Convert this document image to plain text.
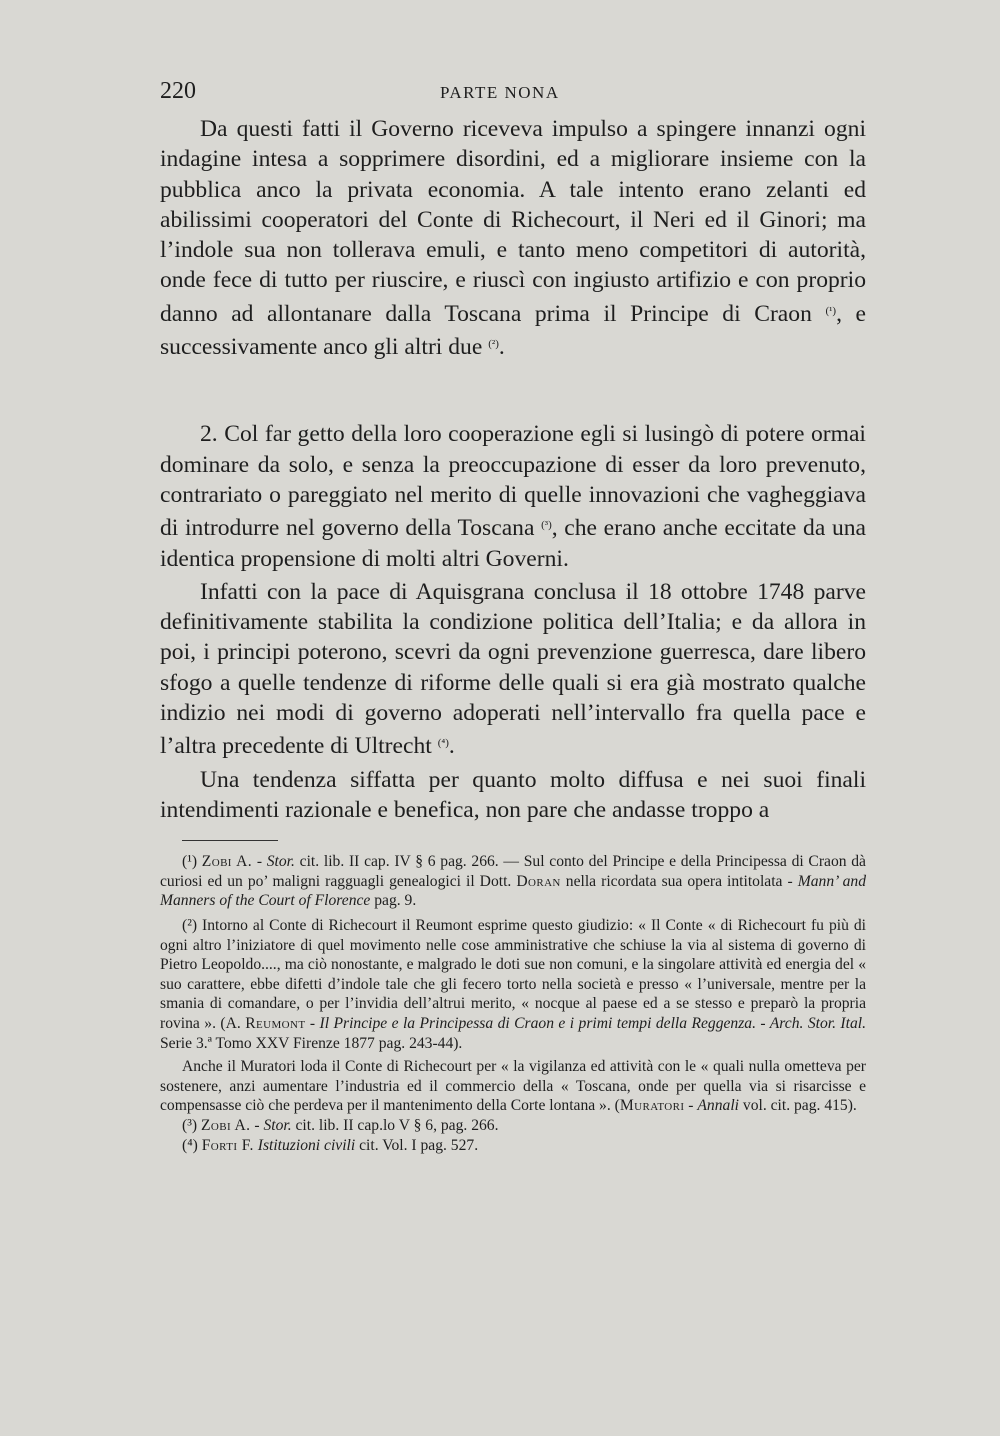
220	PARTE NONA

Da questi fatti il Governo riceveva impulso a spingere innanzi ogni indagine intesa a sopprimere disordini, ed a migliorare insieme con la pubblica anco la privata economia. A tale intento erano zelanti ed abilissimi cooperatori del Conte di Richecourt, il Neri ed il Ginori; ma l’indole sua non tollerava emuli, e tanto meno competitori di autorità, onde fece di tutto per riuscire, e riuscì con ingiusto artifizio e con proprio danno ad allontanare dalla Toscana prima il Principe di Craon $^{(^1)}$, e successivamente anco gli altri due $^{(^2)}$.

2. Col far getto della loro cooperazione egli si lusingò di potere ormai dominare da solo, e senza la preoccupazione di esser da loro prevenuto, contrariato o pareggiato nel merito di quelle innovazioni che vagheggiava di introdurre nel governo della Toscana $^{(^3)}$, che erano anche eccitate da una identica propensione di molti altri Governi.

Infatti con la pace di Aquisgrana conclusa il 18 ottobre 1748 parve definitivamente stabilita la condizione politica dell’Italia; e da allora in poi, i principi poterono, scevri da ogni prevenzione guerresca, dare libero sfogo a quelle tendenze di riforme delle quali si era già mostrato qualche indizio nei modi di governo adoperati nell’intervallo fra quella pace e l’altra precedente di Ultrecht $^{(^4)}$.

Una tendenza siffatta per quanto molto diffusa e nei suoi finali intendimenti razionale e benefica, non pare che andasse troppo a

(¹) Zobi A. - Stor. cit. lib. II cap. IV § 6 pag. 266. — Sul conto del Principe e della Principessa di Craon dà curiosi ed un po’ maligni ragguagli genealogici il Dott. Doran nella ricordata sua opera intitolata - Mann’ and Manners of the Court of Florence pag. 9.

(²) Intorno al Conte di Richecourt il Reumont esprime questo giudizio: « Il Conte « di Richecourt fu più di ogni altro l’iniziatore di quel movimento nelle cose amministrative che schiuse la via al sistema di governo di Pietro Leopoldo...., ma ciò nonostante, e malgrado le doti sue non comuni, e la singolare attività ed energia del « suo carattere, ebbe difetti d’indole tale che gli fecero torto nella società e presso « l’universale, mentre per la smania di comandare, o per l’invidia dell’altrui merito, « nocque al paese ed a se stesso e preparò la propria rovina ». (A. Reumont - Il Principe e la Principessa di Craon e i primi tempi della Reggenza. - Arch. Stor. Ital. Serie 3.ª Tomo XXV Firenze 1877 pag. 243-44).

Anche il Muratori loda il Conte di Richecourt per « la vigilanza ed attività con le « quali nulla ometteva per sostenere, anzi aumentare l’industria ed il commercio della « Toscana, onde per quella via si risarcisse e compensasse ciò che perdeva per il mantenimento della Corte lontana ». (Muratori - Annali vol. cit. pag. 415).

(³) Zobi A. - Stor. cit. lib. II cap.lo V § 6, pag. 266.

(⁴) Forti F. Istituzioni civili cit. Vol. I pag. 527.
